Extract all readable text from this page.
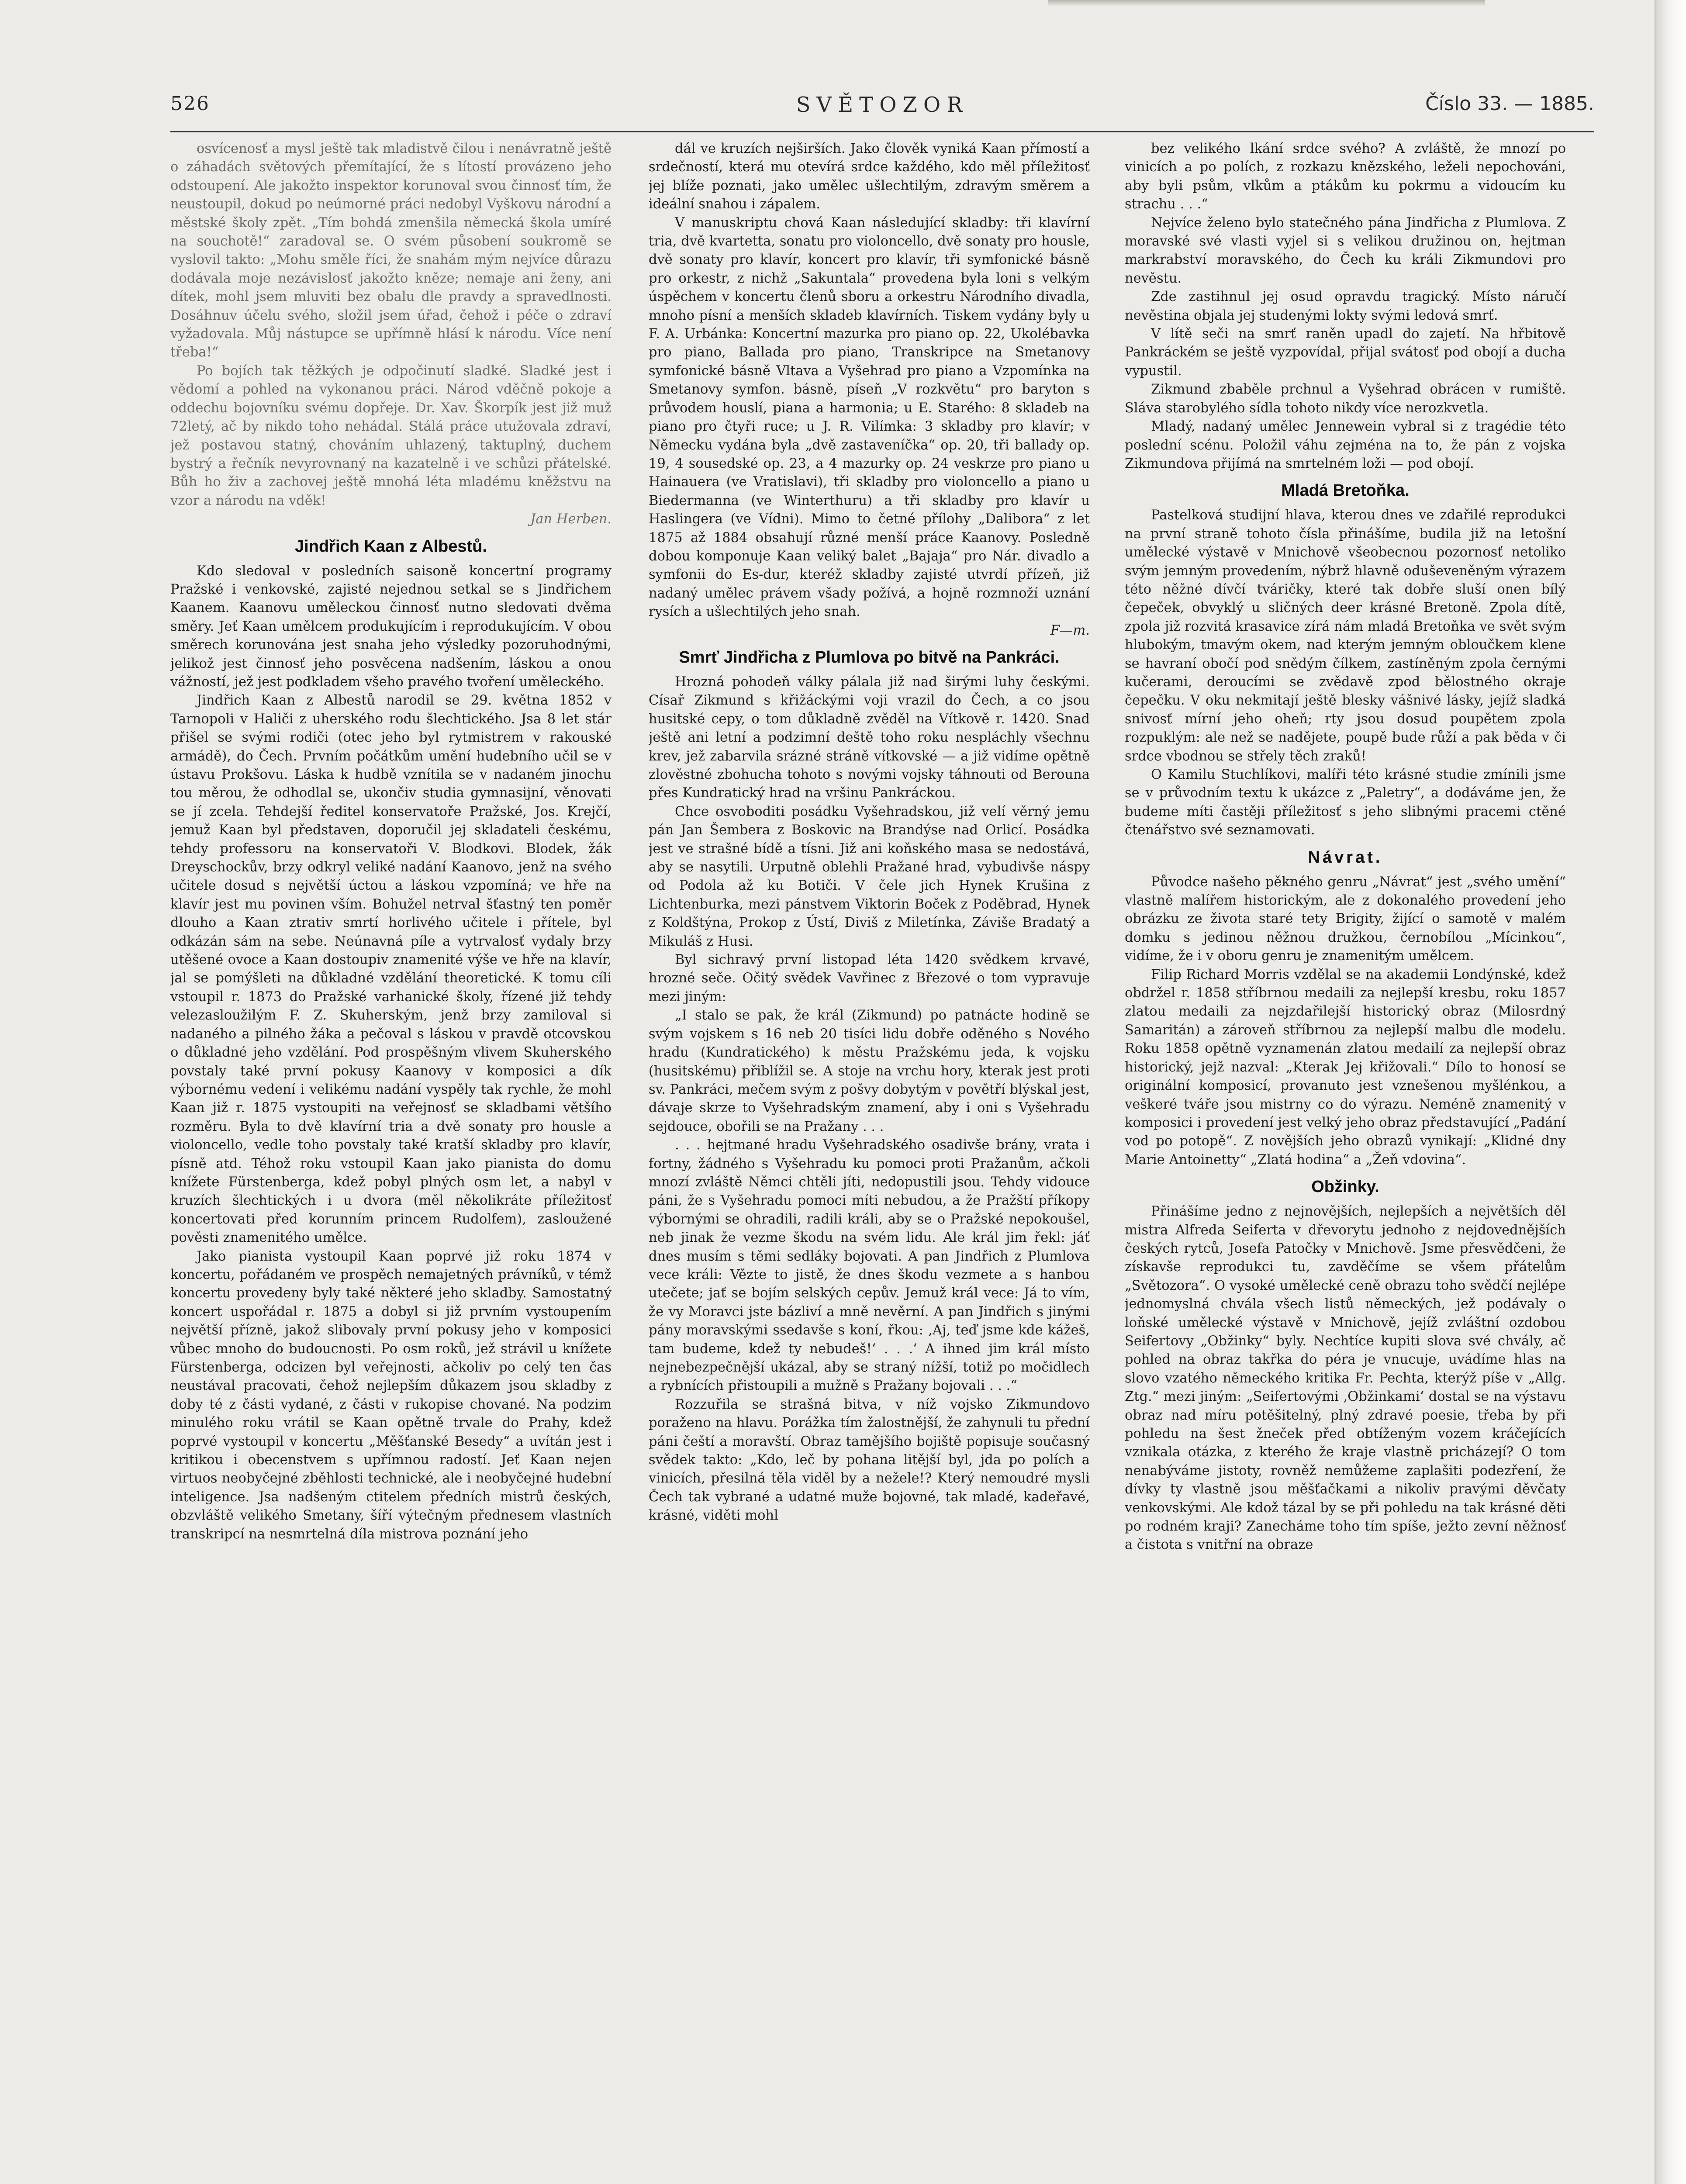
526	SVĚTOZOR	Číslo 33. — 1885.

osvícenosť a mysl ještě tak mladistvě čilou i nenávratně ještě o záhadách světových přemítající, že s lítostí provázeno jeho odstoupení. Ale jakožto inspektor korunoval svou činnosť tím, že neustoupil, dokud po neúmorné práci nedobyl Vyškovu národní a městské školy zpět. „Tím bohdá zmenšila německá škola umíré na souchotě!“ zaradoval se. O svém působení soukromě se vyslovil takto: „Mohu směle říci, že snahám mým nejvíce důrazu dodávala moje nezávislosť jakožto kněze; nemaje ani ženy, ani dítek, mohl jsem mluviti bez obalu dle pravdy a spravedlnosti. Dosáhnuv účelu svého, složil jsem úřad, čehož i péče o zdraví vyžadovala. Můj nástupce se upřímně hlásí k národu. Více není třeba!“

Po bojích tak těžkých je odpočinutí sladké. Sladké jest i vědomí a pohled na vykonanou práci. Národ vděčně pokoje a oddechu bojovníku svému dopřeje. Dr. Xav. Škorpík jest již muž 72letý, ač by nikdo toho nehádal. Stálá práce utužovala zdraví, jež postavou statný, chováním uhlazený, taktuplný, duchem bystrý a řečník nevyrovnaný na kazatelně i ve schůzi přátelské. Bůh ho živ a zachovej ještě mnohá léta mladému kněžstvu na vzor a národu na vděk!

Jan Herben.
Jindřich Kaan z Albestů.

Kdo sledoval v posledních saisoně koncertní programy Pražské i venkovské, zajisté nejednou setkal se s Jindřichem Kaanem. Kaanovu uměleckou činnosť nutno sledovati dvěma směry. Jeť Kaan umělcem produkujícím i reprodukujícím. V obou směrech korunována jest snaha jeho výsledky pozoruhodnými, jelikož jest činnosť jeho posvěcena nadšením, láskou a onou vážností, jež jest podkladem všeho pravého tvoření uměleckého.

Jindřich Kaan z Albestů narodil se 29. května 1852 v Tarnopoli v Haliči z uherského rodu šlechtického. Jsa 8 let stár přišel se svými rodiči (otec jeho byl rytmistrem v rakouské armádě), do Čech. Prvním počátkům umění hudebního učil se v ústavu Prokšovu. Láska k hudbě vznítila se v nadaném jinochu tou měrou, že odhodlal se, ukončiv studia gymnasijní, věnovati se jí zcela. Tehdejší ředitel konservatoře Pražské, Jos. Krejčí, jemuž Kaan byl představen, doporučil jej skladateli českému, tehdy professoru na konservatoři V. Blodkovi. Blodek, žák Dreyschockův, brzy odkryl veliké nadání Kaanovo, jenž na svého učitele dosud s největší úctou a láskou vzpomíná; ve hře na klavír jest mu povinen vším. Bohužel netrval šťastný ten poměr dlouho a Kaan ztrativ smrtí horlivého učitele i přítele, byl odkázán sám na sebe. Neúnavná píle a vytrvalosť vydaly brzy utěšené ovoce a Kaan dostoupiv znamenité výše ve hře na klavír, jal se pomýšleti na důkladné vzdělání theoretické. K tomu cíli vstoupil r. 1873 do Pražské varhanické školy, řízené již tehdy velezasloužilým F. Z. Skuherským, jenž brzy zamiloval si nadaného a pilného žáka a pečoval s láskou v pravdě otcovskou o důkladné jeho vzdělání. Pod prospěšným vlivem Skuherského povstaly také první pokusy Kaanovy v komposici a dík výbornému vedení i velikému nadání vyspěly tak rychle, že mohl Kaan již r. 1875 vystoupiti na veřejnosť se skladbami většího rozměru. Byla to dvě klavírní tria a dvě sonaty pro housle a violoncello, vedle toho povstaly také kratší skladby pro klavír, písně atd. Téhož roku vstoupil Kaan jako pianista do domu knížete Fürstenberga, kdež pobyl plných osm let, a nabyl v kruzích šlechtických i u dvora (měl několikráte příležitosť koncertovati před korunním princem Rudolfem), zasloužené pověsti znamenitého umělce.

Jako pianista vystoupil Kaan poprvé již roku 1874 v koncertu, pořádaném ve prospěch nemajetných právníků, v témž koncertu provedeny byly také některé jeho skladby. Samostatný koncert uspořádal r. 1875 a dobyl si již prvním vystoupením největší přízně, jakož slibovaly první pokusy jeho v komposici vůbec mnoho do budoucnosti. Po osm roků, jež strávil u knížete Fürstenberga, odcizen byl veřejnosti, ačkoliv po celý ten čas neustával pracovati, čehož nejlepším důkazem jsou skladby z doby té z části vydané, z části v rukopise chované. Na podzim minulého roku vrátil se Kaan opětně trvale do Prahy, kdež poprvé vystoupil v koncertu „Měšťanské Besedy“ a uvítán jest i kritikou i obecenstvem s upřímnou radostí. Jeť Kaan nejen virtuos neobyčejné zběhlosti technické, ale i neobyčejné hudební inteligence. Jsa nadšeným ctitelem předních mistrů českých, obzvláště velikého Smetany, šíří výtečným přednesem vlastních transkripcí na nesmrtelná díla mistrova poznání jeho

dál ve kruzích nejširších. Jako člověk vyniká Kaan přímostí a srdečností, která mu otevírá srdce každého, kdo měl příležitosť jej blíže poznati, jako umělec ušlechtilým, zdravým směrem a ideální snahou i zápalem.

V manuskriptu chová Kaan následující skladby: tři klavírní tria, dvě kvartetta, sonatu pro violoncello, dvě sonaty pro housle, dvě sonaty pro klavír, koncert pro klavír, tři symfonické básně pro orkestr, z nichž „Sakuntala“ provedena byla loni s velkým úspěchem v koncertu členů sboru a orkestru Národního divadla, mnoho písní a menších skladeb klavírních. Tiskem vydány byly u F. A. Urbánka: Koncertní mazurka pro piano op. 22, Ukolébavka pro piano, Ballada pro piano, Transkripce na Smetanovy symfonické básně Vltava a Vyšehrad pro piano a Vzpomínka na Smetanovy symfon. básně, píseň „V rozkvětu“ pro baryton s průvodem houslí, piana a harmonia; u E. Starého: 8 skladeb na piano pro čtyři ruce; u J. R. Vilímka: 3 skladby pro klavír; v Německu vydána byla „dvě zastaveníčka“ op. 20, tři ballady op. 19, 4 sousedské op. 23, a 4 mazurky op. 24 veskrze pro piano u Hainauera (ve Vratislavi), tři skladby pro violoncello a piano u Biedermanna (ve Winterthuru) a tři skladby pro klavír u Haslingera (ve Vídni). Mimo to četné přílohy „Dalibora“ z let 1875 až 1884 obsahují různé menší práce Kaanovy. Posledně dobou komponuje Kaan veliký balet „Bajaja“ pro Nár. divadlo a symfonii do Es-dur, kteréž skladby zajisté utvrdí přízeň, již nadaný umělec právem všady požívá, a hojně rozmnoží uznání rysích a ušlechtilých jeho snah.

F—m.
Smrť Jindřicha z Plumlova po bitvě na Pankráci.

Hrozná pohodeň války pálala již nad širými luhy českými. Císař Zikmund s křižáckými voji vrazil do Čech, a co jsou husitské cepy, o tom důkladně zvěděl na Vítkově r. 1420. Snad ještě ani letní a podzimní deště toho roku nespláchly všechnu krev, jež zabarvila srázné stráně vítkovské — a již vidíme opětně zlověstné zbohucha tohoto s novými vojsky táhnouti od Berouna přes Kundratický hrad na vršinu Pankráckou.

Chce osvoboditi posádku Vyšehradskou, již velí věrný jemu pán Jan Šembera z Boskovic na Brandýse nad Orlicí. Posádka jest ve strašné bídě a tísni. Již ani koňského masa se nedostává, aby se nasytili. Urputně oblehli Pražané hrad, vybudivše náspy od Podola až ku Botiči. V čele jich Hynek Krušina z Lichtenburka, mezi pánstvem Viktorin Boček z Poděbrad, Hynek z Koldštýna, Prokop z Ústí, Diviš z Miletínka, Záviše Bradatý a Mikuláš z Husi.

Byl sichravý první listopad léta 1420 svědkem krvavé, hrozné seče. Očitý svědek Vavřinec z Březové o tom vypravuje mezi jiným:

„I stalo se pak, že král (Zikmund) po patnácte hodině se svým vojskem s 16 neb 20 tisíci lidu dobře oděného s Nového hradu (Kundratického) k městu Pražskému jeda, k vojsku (husitskému) přiblížil se. A stoje na vrchu hory, kterak jest proti sv. Pankráci, mečem svým z pošvy dobytým v povětří blýskal jest, dávaje skrze to Vyšehradským znamení, aby i oni s Vyšehradu sejdouce, obořili se na Pražany . . .

. . . hejtmané hradu Vyšehradského osadivše brány, vrata i fortny, žádného s Vyšehradu ku pomoci proti Pražanům, ačkoli mnozí zvláště Němci chtěli jíti, nedopustili jsou. Tehdy vidouce páni, že s Vyšehradu pomoci míti nebudou, a že Pražští příkopy výbornými se ohradili, radili králi, aby se o Pražské nepokoušel, neb jinak že vezme škodu na svém lidu. Ale král jim řekl: jáť dnes musím s těmi sedláky bojovati. A pan Jindřich z Plumlova vece králi: Vězte to jistě, že dnes škodu vezmete a s hanbou utečete; jať se bojím selských cepův. Jemuž král vece: Já to vím, že vy Moravci jste bázliví a mně nevěrní. A pan Jindřich s jinými pány moravskými ssedavše s koní, řkou: ,Aj, teď jsme kde kážeš, tam budeme, kdež ty nebudeš!‘ . . .‘ A ihned jim král místo nejnebezpečnější ukázal, aby se straný nížší, totiž po močidlech a rybnících přistoupili a mužně s Pražany bojovali . . .“

Rozzuřila se strašná bitva, v níž vojsko Zikmundovo poraženo na hlavu. Porážka tím žalostnější, že zahynuli tu přední páni čeští a moravští. Obraz tamějšího bojiště popisuje současný svědek takto: „Kdo, leč by pohana litější byl, jda po polích a vinicích, přesilná těla viděl by a nežele!? Který nemoudré mysli Čech tak vybrané a udatné muže bojovné, tak mladé, kadeřavé, krásné, viděti mohl

bez velikého lkání srdce svého? A zvláště, že mnozí po vinicích a po polích, z rozkazu knězského, leželi nepochováni, aby byli psům, vlkům a ptákům ku pokrmu a vidoucím ku strachu . . .“

Nejvíce želeno bylo statečného pána Jindřicha z Plumlova. Z moravské své vlasti vyjel si s velikou družinou on, hejtman markrabství moravského, do Čech ku králi Zikmundovi pro nevěstu.

Zde zastihnul jej osud opravdu tragický. Místo náručí nevěstina objala jej studenými lokty svými ledová smrť.

V lítě seči na smrť raněn upadl do zajetí. Na hřbitově Pankráckém se ještě vyzpovídal, přijal svátosť pod obojí a ducha vypustil.

Zikmund zbaběle prchnul a Vyšehrad obrácen v rumiště. Sláva starobylého sídla tohoto nikdy více nerozkvetla.

Mladý, nadaný umělec Jennewein vybral si z tragédie této poslední scénu. Položil váhu zejména na to, že pán z vojska Zikmundova přijímá na smrtelném loži — pod obojí.

Mladá Bretoňka.

Pastelková studijní hlava, kterou dnes ve zdařilé reprodukci na první straně tohoto čísla přinášíme, budila již na letošní umělecké výstavě v Mnichově všeobecnou pozornosť netoliko svým jemným provedením, nýbrž hlavně oduševeněným výrazem této něžné dívčí tváričky, které tak dobře sluší onen bílý čepeček, obvyklý u sličných deer krásné Bretoně. Zpola dítě, zpola již rozvitá krasavice zírá nám mladá Bretoňka ve svět svým hlubokým, tmavým okem, nad kterým jemným obloučkem klene se havraní obočí pod snědým čílkem, zastíněným zpola černými kučerami, deroucími se zvědavě zpod bělostného okraje čepečku. V oku nekmitají ještě blesky vášnivé lásky, jejíž sladká snivosť mírní jeho oheň; rty jsou dosud poupětem zpola rozpuklým: ale než se nadějete, poupě bude růží a pak běda v či srdce vbodnou se střely těch zraků!

O Kamilu Stuchlíkovi, malíři této krásné studie zmínili jsme se v průvodním textu k ukázce z „Paletry“, a dodáváme jen, že budeme míti častěji příležitosť s jeho slibnými pracemi ctěné čtenářstvo své seznamovati.

Návrat.

Původce našeho pěkného genru „Návrat“ jest „svého umění“ vlastně malířem historickým, ale z dokonalého provedení jeho obrázku ze života staré tety Brigity, žijící o samotě v malém domku s jedinou něžnou družkou, černobílou „Mícinkou“, vidíme, že i v oboru genru je znamenitým umělcem.

Filip Richard Morris vzdělal se na akademii Londýnské, kdež obdržel r. 1858 stříbrnou medaili za nejlepší kresbu, roku 1857 zlatou medaili za nejzdařilejší historický obraz (Milosrdný Samaritán) a zároveň stříbrnou za nejlepší malbu dle modelu. Roku 1858 opětně vyznamenán zlatou medailí za nejlepší obraz historický, jejž nazval: „Kterak Jej křižovali.“ Dílo to honosí se originální komposicí, provanuto jest vznešenou myšlénkou, a veškeré tváře jsou mistrny co do výrazu. Neméně znamenitý v komposici i provedení jest velký jeho obraz představující „Padání vod po potopě“. Z novějších jeho obrazů vynikají: „Klidné dny Marie Antoinetty“ „Zlatá hodina“ a „Žeň vdovina“.

Obžinky.

Přinášíme jedno z nejnovějších, nejlepších a největších děl mistra Alfreda Seiferta v dřevorytu jednoho z nejdovednějších českých rytců, Josefa Patočky v Mnichově. Jsme přesvědčeni, že získavše reprodukci tu, zavděčíme se všem přátelům „Světozora“. O vysoké umělecké ceně obrazu toho svědčí nejlépe jednomyslná chvála všech listů německých, jež podávaly o loňské umělecké výstavě v Mnichově, jejíž zvláštní ozdobou Seifertovy „Obžinky“ byly. Nechtíce kupiti slova své chvály, ač pohled na obraz takřka do péra je vnucuje, uvádíme hlas na slovo vzatého německého kritika Fr. Pechta, kterýž píše v „Allg. Ztg.“ mezi jiným: „Seifertovými ,Obžinkami‘ dostal se na výstavu obraz nad míru potěšitelný, plný zdravé poesie, třeba by při pohledu na šest žneček před obtíženým vozem kráčejících vznikala otázka, z kterého že kraje vlastně pricházejí? O tom nenabýváme jistoty, rovněž nemůžeme zaplašiti podezření, že dívky ty vlastně jsou měšťačkami a nikoliv pravými děvčaty venkovskými. Ale kdož tázal by se při pohledu na tak krásné děti po rodném kraji? Zanecháme toho tím spíše, ježto zevní něžnosť a čistota s vnitřní na obraze
